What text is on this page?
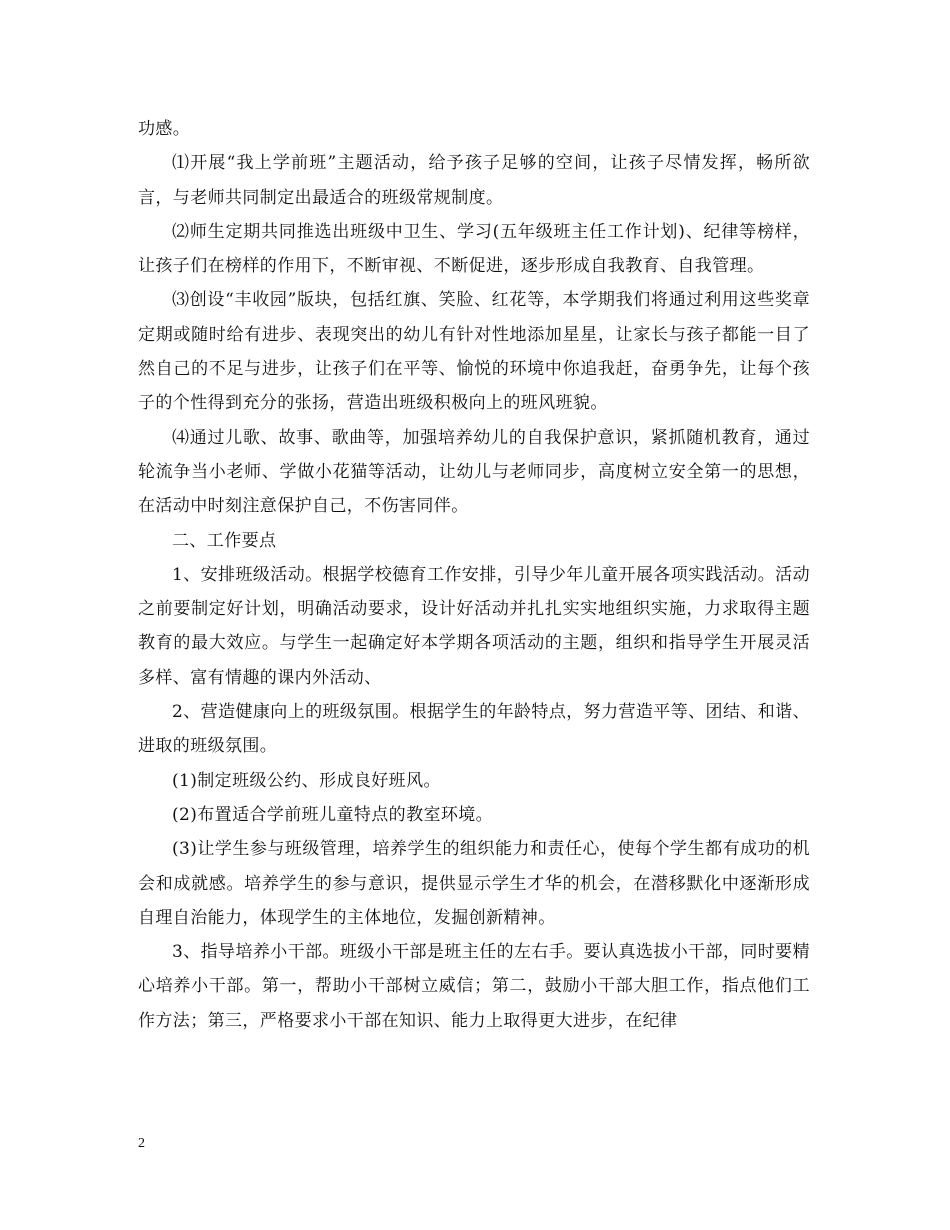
功感。

⑴开展“我上学前班”主题活动，给予孩子足够的空间，让孩子尽情发挥，畅所欲言，与老师共同制定出最适合的班级常规制度。

⑵师生定期共同推选出班级中卫生、学习(五年级班主任工作计划)、纪律等榜样，让孩子们在榜样的作用下，不断审视、不断促进，逐步形成自我教育、自我管理。

⑶创设“丰收园”版块，包括红旗、笑脸、红花等，本学期我们将通过利用这些奖章定期或随时给有进步、表现突出的幼儿有针对性地添加星星，让家长与孩子都能一目了然自己的不足与进步，让孩子们在平等、愉悦的环境中你追我赶，奋勇争先，让每个孩子的个性得到充分的张扬，营造出班级积极向上的班风班貌。

⑷通过儿歌、故事、歌曲等，加强培养幼儿的自我保护意识，紧抓随机教育，通过轮流争当小老师、学做小花猫等活动，让幼儿与老师同步，高度树立安全第一的思想，在活动中时刻注意保护自己，不伤害同伴。

二、工作要点

1、安排班级活动。根据学校德育工作安排，引导少年儿童开展各项实践活动。活动之前要制定好计划，明确活动要求，设计好活动并扎扎实实地组织实施，力求取得主题教育的最大效应。与学生一起确定好本学期各项活动的主题，组织和指导学生开展灵活多样、富有情趣的课内外活动、

2、营造健康向上的班级氛围。根据学生的年龄特点，努力营造平等、团结、和谐、进取的班级氛围。

(1)制定班级公约、形成良好班风。

(2)布置适合学前班儿童特点的教室环境。

(3)让学生参与班级管理，培养学生的组织能力和责任心，使每个学生都有成功的机会和成就感。培养学生的参与意识，提供显示学生才华的机会，在潜移默化中逐渐形成自理自治能力，体现学生的主体地位，发掘创新精神。

3、指导培养小干部。班级小干部是班主任的左右手。要认真选拔小干部，同时要精心培养小干部。第一，帮助小干部树立威信；第二，鼓励小干部大胆工作，指点他们工作方法；第三，严格要求小干部在知识、能力上取得更大进步，在纪律

2
